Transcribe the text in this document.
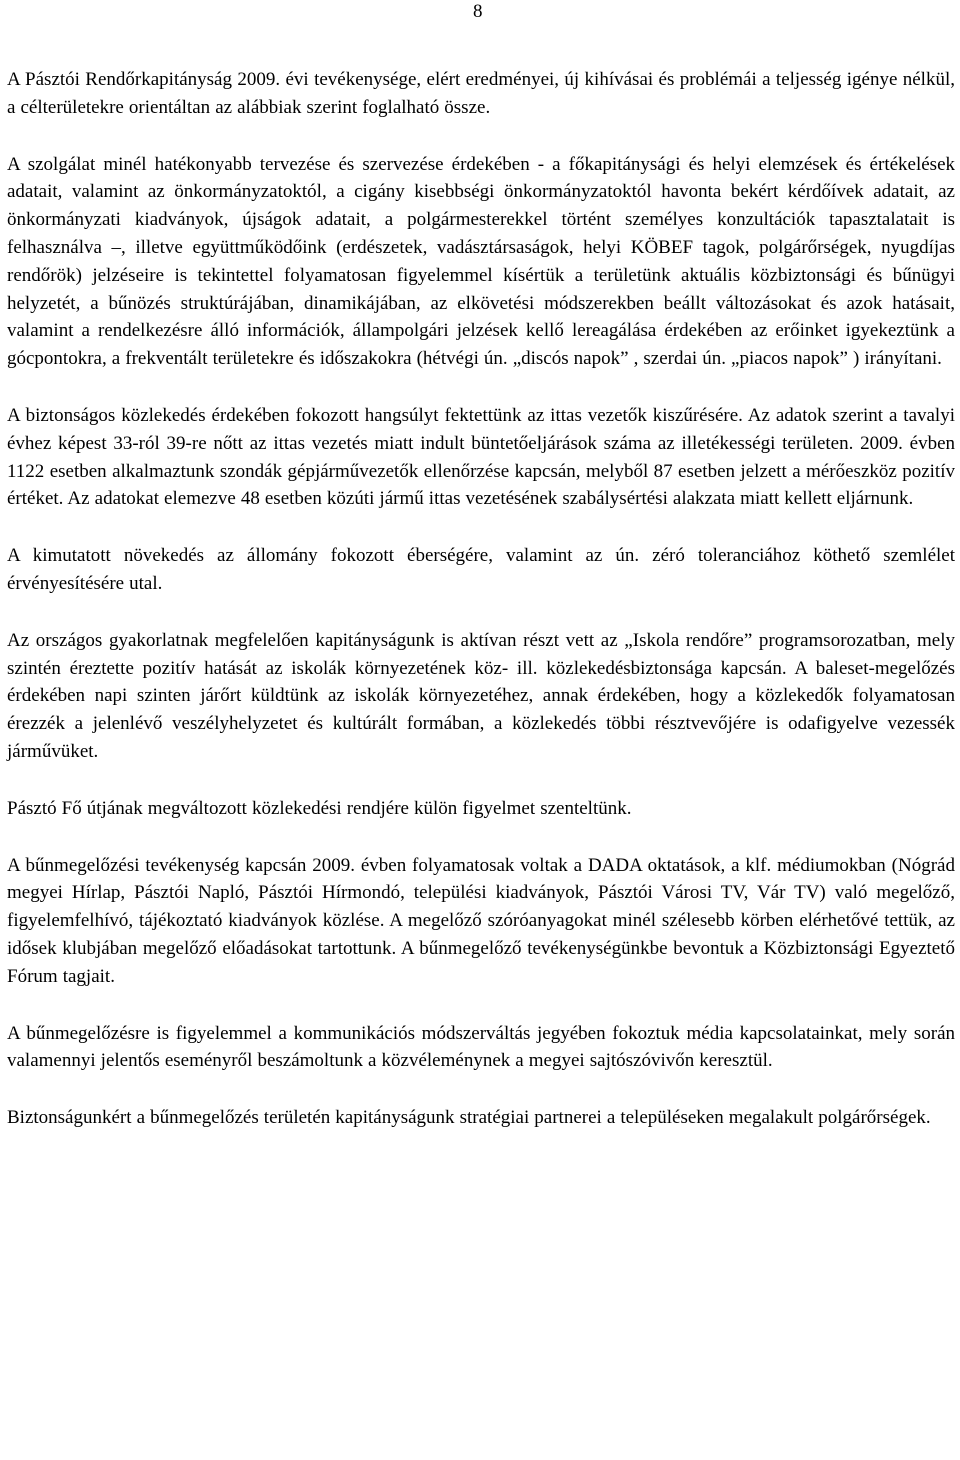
8

A Pásztói Rendőrkapitányság 2009. évi tevékenysége, elért eredményei, új kihívásai és problémái a teljesség igénye nélkül, a célterületekre orientáltan az alábbiak szerint foglalható össze.

A szolgálat minél hatékonyabb tervezése és szervezése érdekében - a főkapitánysági és helyi elemzések és értékelések adatait, valamint az önkormányzatoktól, a cigány kisebbségi önkormányzatoktól havonta bekért kérdőívek adatait, az önkormányzati kiadványok, újságok adatait, a polgármesterekkel történt személyes konzultációk tapasztalatait is felhasználva –, illetve együttműködőink (erdészetek, vadásztársaságok, helyi KÖBEF tagok, polgárőrségek, nyugdíjas rendőrök) jelzéseire is tekintettel folyamatosan figyelemmel kísértük a területünk aktuális közbiztonsági és bűnügyi helyzetét, a bűnözés struktúrájában, dinamikájában, az elkövetési módszerekben beállt változásokat és azok hatásait, valamint a rendelkezésre álló információk, állampolgári jelzések kellő lereagálása érdekében az erőinket igyekeztünk a gócpontokra, a frekventált területekre és időszakokra (hétvégi ún. „discós napok” , szerdai ún. „piacos napok” ) irányítani.

A biztonságos közlekedés érdekében fokozott hangsúlyt fektettünk az ittas vezetők kiszűrésére. Az adatok szerint a tavalyi évhez képest 33-ról 39-re nőtt az ittas vezetés miatt indult büntetőeljárások száma az illetékességi területen. 2009. évben 1122 esetben alkalmaztunk szondák gépjárművezetők ellenőrzése kapcsán, melyből 87 esetben jelzett a mérőeszköz pozitív értéket. Az adatokat elemezve 48 esetben közúti jármű ittas vezetésének szabálysértési alakzata miatt kellett eljárnunk.

A kimutatott növekedés az állomány fokozott éberségére, valamint az ún. zéró toleranciához köthető szemlélet érvényesítésére utal.

Az országos gyakorlatnak megfelelően kapitányságunk is aktívan részt vett az „Iskola rendőre” programsorozatban, mely szintén éreztette pozitív hatását az iskolák környezetének köz- ill. közlekedésbiztonsága kapcsán. A baleset-megelőzés érdekében napi szinten járőrt küldtünk az iskolák környezetéhez, annak érdekében, hogy a közlekedők folyamatosan érezzék a jelenlévő veszélyhelyzetet és kultúrált formában, a közlekedés többi résztvevőjére is odafigyelve vezessék járművüket.

Pásztó Fő útjának megváltozott közlekedési rendjére külön figyelmet szenteltünk.

A bűnmegelőzési tevékenység kapcsán 2009. évben folyamatosak voltak a DADA oktatások, a klf. médiumokban (Nógrád megyei Hírlap, Pásztói Napló, Pásztói Hírmondó, települési kiadványok, Pásztói Városi TV, Vár TV) való megelőző, figyelemfelhívó, tájékoztató kiadványok közlése. A megelőző szóróanyagokat minél szélesebb körben elérhetővé tettük, az idősek klubjában megelőző előadásokat tartottunk. A bűnmegelőző tevékenységünkbe bevontuk a Közbiztonsági Egyeztető Fórum tagjait.

A bűnmegelőzésre is figyelemmel a kommunikációs módszerváltás jegyében fokoztuk média kapcsolatainkat, mely során valamennyi jelentős eseményről beszámoltunk a közvéleménynek a megyei sajtószóvivőn keresztül.

Biztonságunkért a bűnmegelőzés területén kapitányságunk stratégiai partnerei a településeken megalakult polgárőrségek.
